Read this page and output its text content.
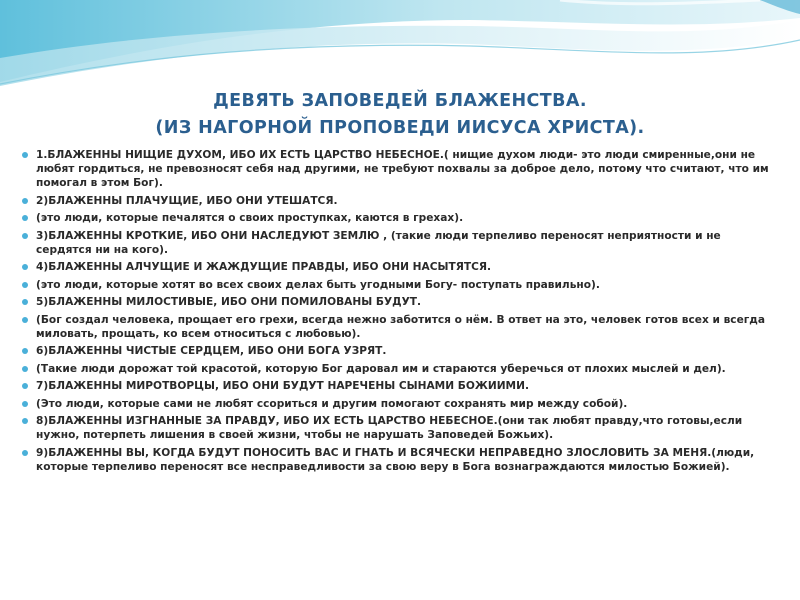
ДЕВЯТЬ ЗАПОВЕДЕЙ БЛАЖЕНСТВА.
(ИЗ НАГОРНОЙ ПРОПОВЕДИ ИИСУСА ХРИСТА).
1.БЛАЖЕННЫ НИЩИЕ ДУХОМ, ИБО ИХ ЕСТЬ ЦАРСТВО НЕБЕСНОЕ.( нищие духом люди- это люди смиренные,они не любят гордиться, не превозносят себя над другими, не требуют похвалы за доброе дело, потому что считают, что им помогал в этом Бог).
2)БЛАЖЕННЫ ПЛАЧУЩИЕ, ИБО ОНИ УТЕШАТСЯ.
(это люди, которые печалятся о своих проступках, каются в грехах).
3)БЛАЖЕННЫ КРОТКИЕ, ИБО ОНИ НАСЛЕДУЮТ ЗЕМЛЮ , (такие люди терпеливо переносят неприятности и не сердятся ни на кого).
4)БЛАЖЕННЫ АЛЧУЩИЕ И ЖАЖДУЩИЕ ПРАВДЫ, ИБО ОНИ НАСЫТЯТСЯ.
(это люди, которые хотят во всех своих делах быть угодными Богу- поступать правильно).
5)БЛАЖЕННЫ МИЛОСТИВЫЕ, ИБО ОНИ ПОМИЛОВАНЫ БУДУТ.
(Бог создал человека, прощает его грехи, всегда нежно заботится о нём. В ответ на это, человек готов всех и всегда миловать, прощать, ко всем относиться с любовью).
6)БЛАЖЕННЫ ЧИСТЫЕ СЕРДЦЕМ, ИБО ОНИ БОГА УЗРЯТ.
(Такие люди дорожат той красотой, которую Бог даровал им и стараются уберечься от плохих мыслей и дел).
7)БЛАЖЕННЫ МИРОТВОРЦЫ, ИБО ОНИ БУДУТ НАРЕЧЕНЫ СЫНАМИ БОЖИИМИ.
(Это люди, которые сами не любят ссориться и другим помогают сохранять мир между собой).
8)БЛАЖЕННЫ ИЗГНАННЫЕ ЗА ПРАВДУ, ИБО ИХ ЕСТЬ ЦАРСТВО НЕБЕСНОЕ.(они так любят правду,что готовы,если нужно, потерпеть лишения в своей жизни, чтобы не нарушать Заповедей Божьих).
9)БЛАЖЕННЫ ВЫ, КОГДА БУДУТ ПОНОСИТЬ ВАС И ГНАТЬ И ВСЯЧЕСКИ НЕПРАВЕДНО ЗЛОСЛОВИТЬ ЗА МЕНЯ.(люди, которые терпеливо переносят все несправедливости за свою веру в Бога вознаграждаются милостью Божией).
